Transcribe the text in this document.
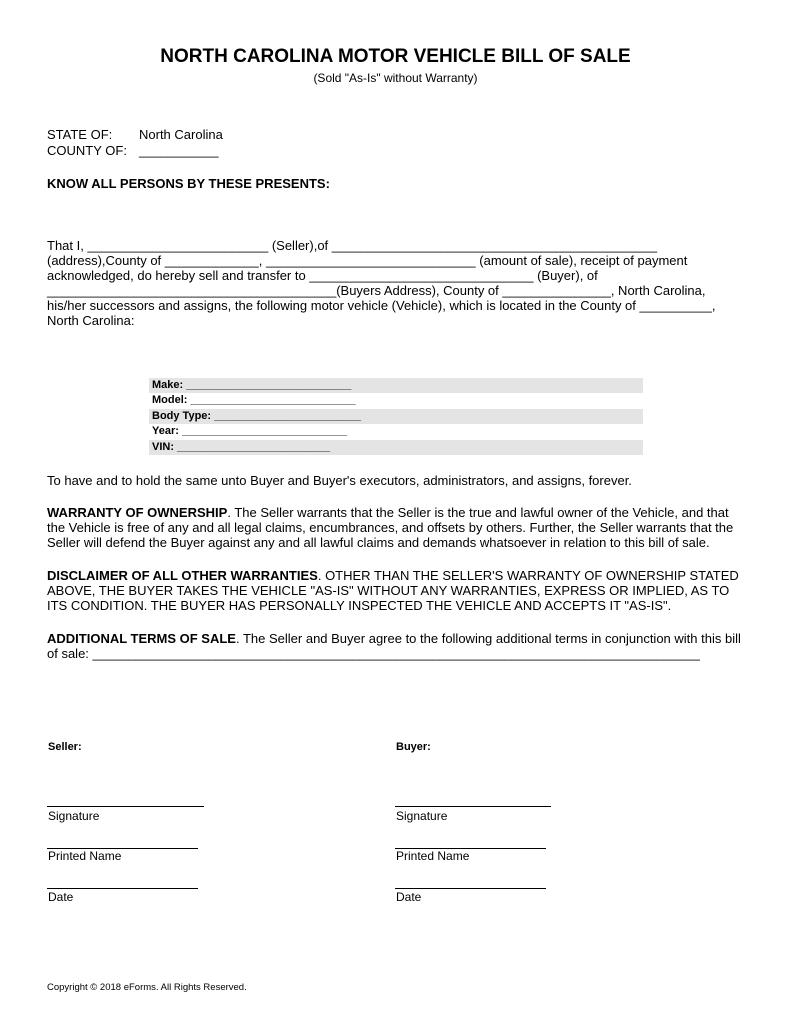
NORTH CAROLINA MOTOR VEHICLE BILL OF SALE
(Sold "As-Is" without Warranty)
STATE OF: North Carolina
COUNTY OF: ___________
KNOW ALL PERSONS BY THESE PRESENTS:
That I, _________________________ (Seller),of _____________________________________________
(address),County of _____________, _____________________________ (amount of sale), receipt of payment
acknowledged, do hereby sell and transfer to _______________________________ (Buyer), of
________________________________________(Buyers Address), County of _______________, North Carolina,
his/her successors and assigns, the following motor vehicle (Vehicle), which is located in the County of __________,
North Carolina:
Make: ___________________________
Model: ___________________________
Body Type: ________________________
Year: ___________________________
VIN: _________________________
To have and to hold the same unto Buyer and Buyer's executors, administrators, and assigns, forever.
WARRANTY OF OWNERSHIP. The Seller warrants that the Seller is the true and lawful owner of the Vehicle, and that
the Vehicle is free of any and all legal claims, encumbrances, and offsets by others. Further, the Seller warrants that the
Seller will defend the Buyer against any and all lawful claims and demands whatsoever in relation to this bill of sale.
DISCLAIMER OF ALL OTHER WARRANTIES. OTHER THAN THE SELLER'S WARRANTY OF OWNERSHIP STATED
ABOVE, THE BUYER TAKES THE VEHICLE "AS-IS" WITHOUT ANY WARRANTIES, EXPRESS OR IMPLIED, AS TO
ITS CONDITION. THE BUYER HAS PERSONALLY INSPECTED THE VEHICLE AND ACCEPTS IT "AS-IS".
ADDITIONAL TERMS OF SALE. The Seller and Buyer agree to the following additional terms in conjunction with this bill
of sale: ____________________________________________________________________________________
Seller:
Signature
Printed Name
Date
Buyer:
Signature
Printed Name
Date
Copyright © 2018 eForms. All Rights Reserved.
